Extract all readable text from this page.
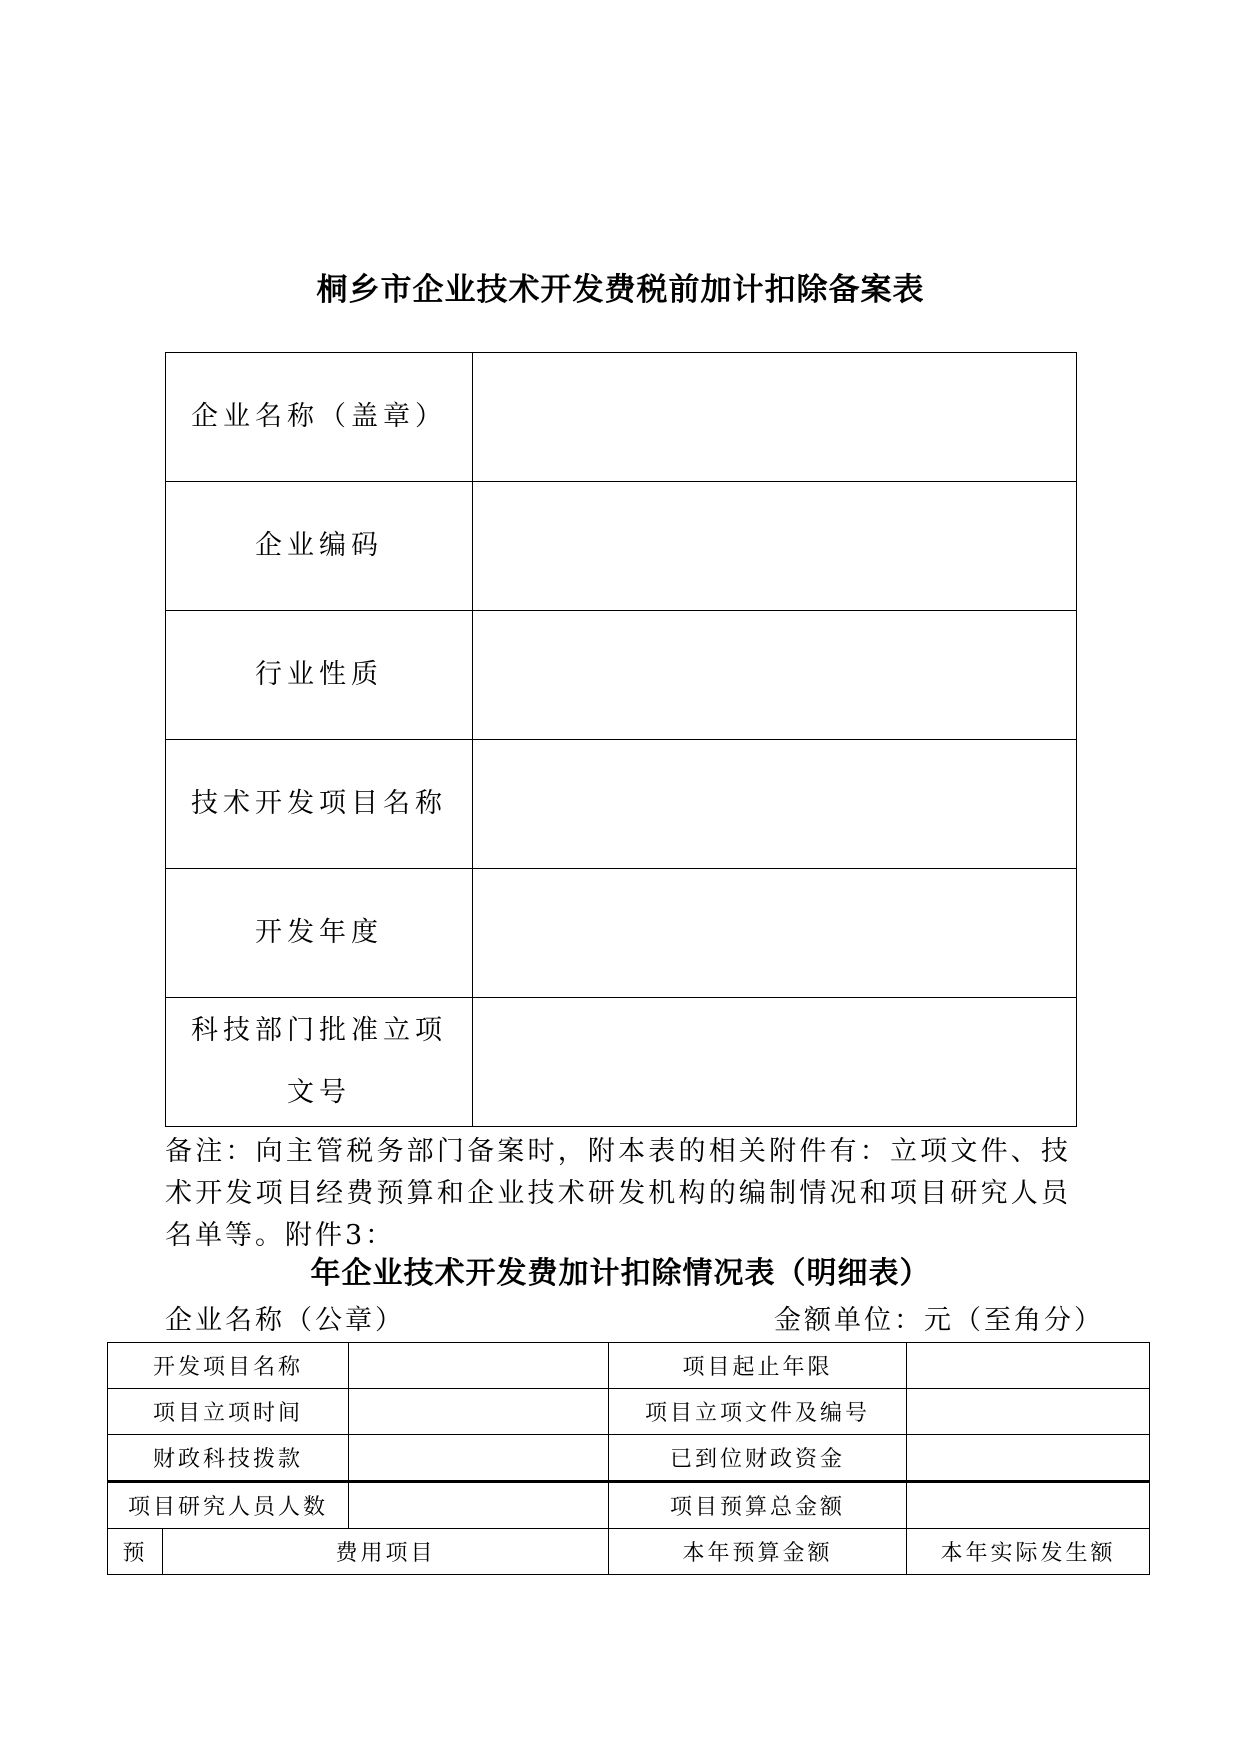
桐乡市企业技术开发费税前加计扣除备案表
企业名称（盖章）	
企业编码	
行业性质	
技术开发项目名称	
开发年度	
科技部门批准立项文号	
备注：向主管税务部门备案时，附本表的相关附件有：立项文件、技术开发项目经费预算和企业技术研发机构的编制情况和项目研究人员名单等。附件3：
年企业技术开发费加计扣除情况表（明细表）
企业名称（公章）	金额单位：元（至角分）
开发项目名称			项目起止年限	
项目立项时间			项目立项文件及编号	
财政科技拨款			已到位财政资金	
项目研究人员人数			项目预算总金额	
预	费用项目		本年预算金额	本年实际发生额
